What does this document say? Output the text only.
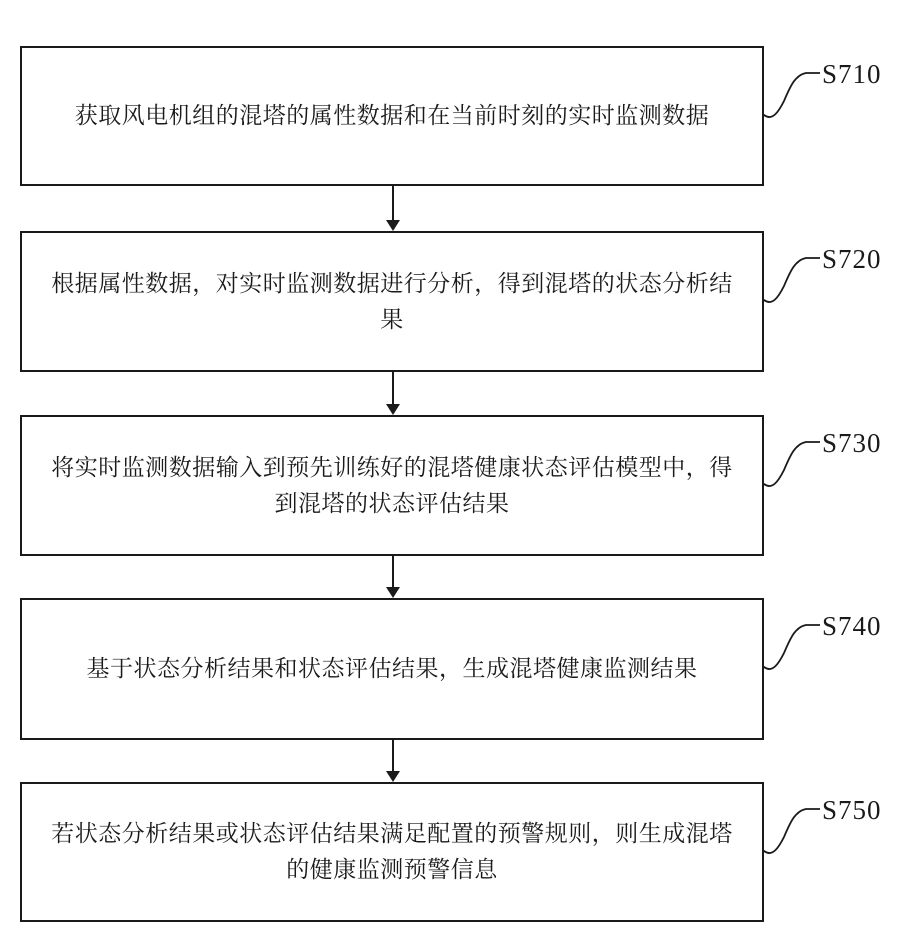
获取风电机组的混塔的属性数据和在当前时刻的实时监测数据
S710
根据属性数据，对实时监测数据进行分析，得到混塔的状态分析结果
S720
将实时监测数据输入到预先训练好的混塔健康状态评估模型中，得到混塔的状态评估结果
S730
基于状态分析结果和状态评估结果，生成混塔健康监测结果
S740
若状态分析结果或状态评估结果满足配置的预警规则，则生成混塔的健康监测预警信息
S750
